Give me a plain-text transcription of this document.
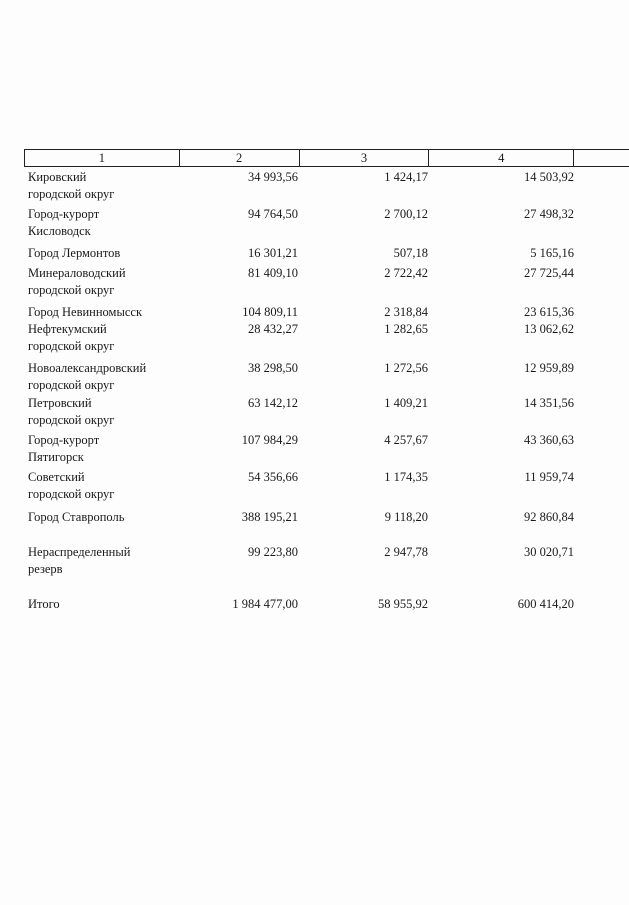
1	2	3	4
Кировский
городской округ
34 993,56	1 424,17	14 503,92
Город-курорт
Кисловодск
94 764,50	2 700,12	27 498,32
Город Лермонтов	16 301,21	507,18	5 165,16
Минераловодский
городской округ
81 409,10	2 722,42	27 725,44
Город Невинномысск	104 809,11	2 318,84	23 615,36
Нефтекумский
городской округ
28 432,27	1 282,65	13 062,62
Новоалександровский
городской округ
38 298,50	1 272,56	12 959,89
Петровский
городской округ
63 142,12	1 409,21	14 351,56
Город-курорт
Пятигорск
107 984,29	4 257,67	43 360,63
Советский
городской округ
54 356,66	1 174,35	11 959,74
Город Ставрополь	388 195,21	9 118,20	92 860,84
Нераспределенный
резерв
99 223,80	2 947,78	30 020,71
Итого	1 984 477,00	58 955,92	600 414,20
